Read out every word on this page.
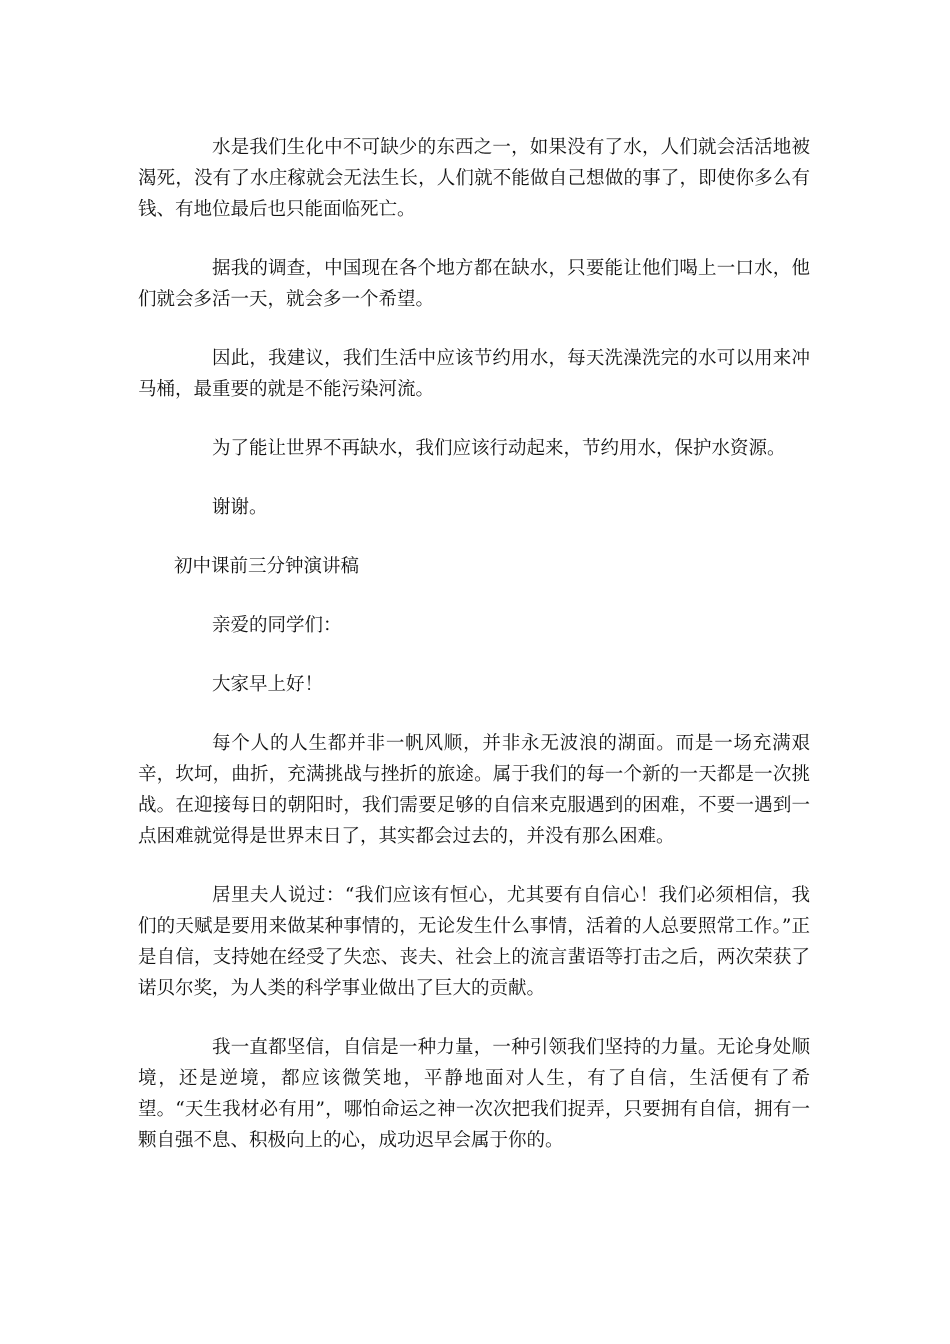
水是我们生化中不可缺少的东西之一，如果没有了水，人们就会活活地被渴死，没有了水庄稼就会无法生长，人们就不能做自己想做的事了，即使你多么有钱、有地位最后也只能面临死亡。

据我的调查，中国现在各个地方都在缺水，只要能让他们喝上一口水，他们就会多活一天，就会多一个希望。

因此，我建议，我们生活中应该节约用水，每天洗澡洗完的水可以用来冲马桶，最重要的就是不能污染河流。

为了能让世界不再缺水，我们应该行动起来，节约用水，保护水资源。

谢谢。

初中课前三分钟演讲稿

亲爱的同学们：

大家早上好！

每个人的人生都并非一帆风顺，并非永无波浪的湖面。而是一场充满艰辛，坎坷，曲折，充满挑战与挫折的旅途。属于我们的每一个新的一天都是一次挑战。在迎接每日的朝阳时，我们需要足够的自信来克服遇到的困难，不要一遇到一点困难就觉得是世界末日了，其实都会过去的，并没有那么困难。

居里夫人说过：“我们应该有恒心，尤其要有自信心！我们必须相信，我们的天赋是要用来做某种事情的，无论发生什么事情，活着的人总要照常工作。”正是自信，支持她在经受了失恋、丧夫、社会上的流言蜚语等打击之后，两次荣获了诺贝尔奖，为人类的科学事业做出了巨大的贡献。

我一直都坚信，自信是一种力量，一种引领我们坚持的力量。无论身处顺境，还是逆境，都应该微笑地，平静地面对人生，有了自信，生活便有了希望。“天生我材必有用”，哪怕命运之神一次次把我们捉弄，只要拥有自信，拥有一颗自强不息、积极向上的心，成功迟早会属于你的。
